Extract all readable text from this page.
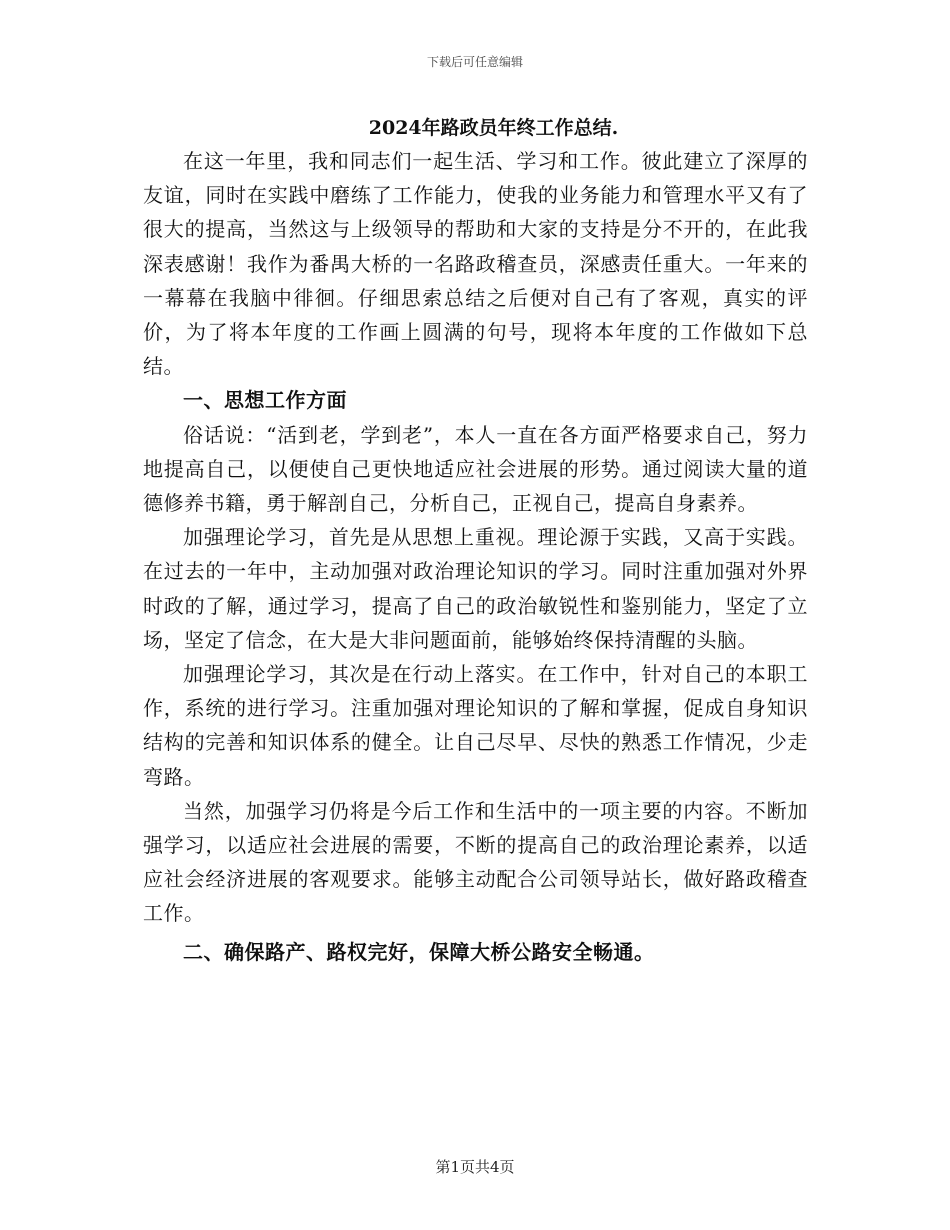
下载后可任意编辑
2024年路政员年终工作总结.

在这一年里，我和同志们一起生活、学习和工作。彼此建立了深厚的友谊，同时在实践中磨练了工作能力，使我的业务能力和管理水平又有了很大的提高，当然这与上级领导的帮助和大家的支持是分不开的，在此我深表感谢！我作为番禺大桥的一名路政稽查员，深感责任重大。一年来的一幕幕在我脑中徘徊。仔细思索总结之后便对自己有了客观，真实的评价，为了将本年度的工作画上圆满的句号，现将本年度的工作做如下总结。

一、思想工作方面

俗话说：“活到老，学到老”，本人一直在各方面严格要求自己，努力地提高自己，以便使自己更快地适应社会进展的形势。通过阅读大量的道德修养书籍，勇于解剖自己，分析自己，正视自己，提高自身素养。

加强理论学习，首先是从思想上重视。理论源于实践，又高于实践。在过去的一年中，主动加强对政治理论知识的学习。同时注重加强对外界时政的了解，通过学习，提高了自己的政治敏锐性和鉴别能力，坚定了立场，坚定了信念，在大是大非问题面前，能够始终保持清醒的头脑。

加强理论学习，其次是在行动上落实。在工作中，针对自己的本职工作，系统的进行学习。注重加强对理论知识的了解和掌握，促成自身知识结构的完善和知识体系的健全。让自己尽早、尽快的熟悉工作情况，少走弯路。

当然，加强学习仍将是今后工作和生活中的一项主要的内容。不断加强学习，以适应社会进展的需要，不断的提高自己的政治理论素养，以适应社会经济进展的客观要求。能够主动配合公司领导站长，做好路政稽查工作。

二、确保路产、路权完好，保障大桥公路安全畅通。

第1页共4页
